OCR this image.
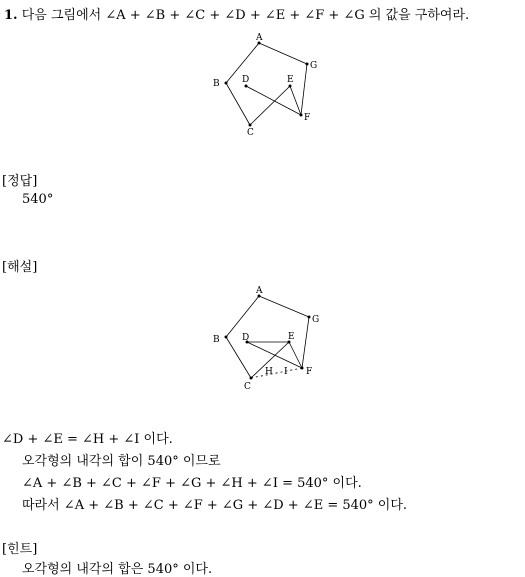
1. 다음 그림에서 ∠A + ∠B + ∠C + ∠D + ∠E + ∠F + ∠G 의 값을 구하여라.
A
G
F
B
C
D	E
[정답]
540°
[해설]
A
G
F
B
C
D	E
H I
∠D + ∠E = ∠H + ∠I 이다.
오각형의 내각의 합이 540° 이므로
∠A + ∠B + ∠C + ∠F + ∠G + ∠H + ∠I = 540° 이다.
따라서 ∠A + ∠B + ∠C + ∠F + ∠G + ∠D + ∠E = 540° 이다.
[힌트]
오각형의 내각의 합은 540° 이다.
